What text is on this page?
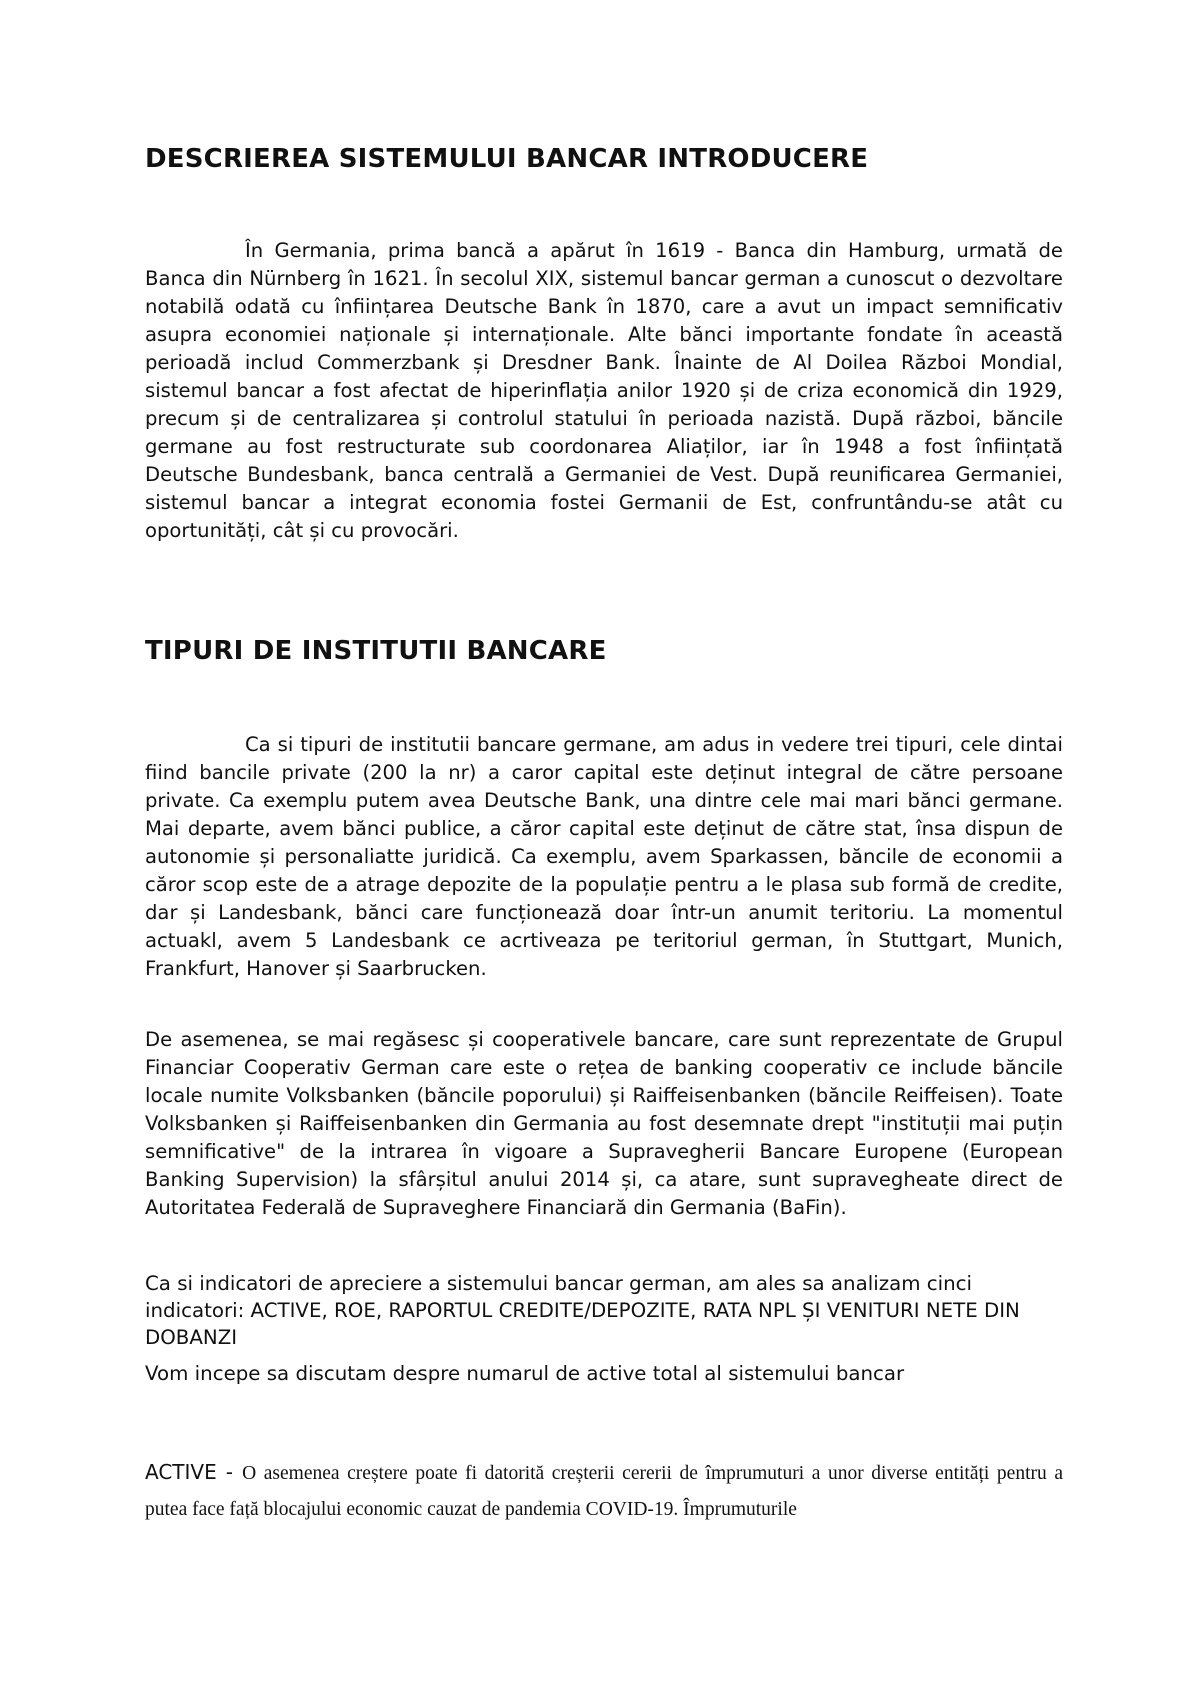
DESCRIEREA SISTEMULUI BANCAR INTRODUCERE

În Germania, prima bancă a apărut în 1619 - Banca din Hamburg, urmată de Banca din Nürnberg în 1621. În secolul XIX, sistemul bancar german a cunoscut o dezvoltare notabilă odată cu înființarea Deutsche Bank în 1870, care a avut un impact semnificativ asupra economiei naționale și internaționale. Alte bănci importante fondate în această perioadă includ Commerzbank și Dresdner Bank. Înainte de Al Doilea Război Mondial, sistemul bancar a fost afectat de hiperinflația anilor 1920 și de criza economică din 1929, precum și de centralizarea și controlul statului în perioada nazistă. După război, băncile germane au fost restructurate sub coordonarea Aliaților, iar în 1948 a fost înființată Deutsche Bundesbank, banca centrală a Germaniei de Vest. După reunificarea Germaniei, sistemul bancar a integrat economia fostei Germanii de Est, confruntându-se atât cu oportunități, cât și cu provocări.

TIPURI DE INSTITUTII BANCARE

Ca si tipuri de institutii bancare germane, am adus in vedere trei tipuri, cele dintai fiind bancile private (200 la nr) a caror capital este deținut integral de către persoane private. Ca exemplu putem avea Deutsche Bank, una dintre cele mai mari bănci germane. Mai departe, avem bănci publice, a căror capital este deținut de către stat, însa dispun de autonomie și personaliatte juridică. Ca exemplu, avem Sparkassen, băncile de economii a căror scop este de a atrage depozite de la populație pentru a le plasa sub formă de credite, dar și Landesbank, bănci care funcționează doar într-un anumit teritoriu. La momentul actuakl, avem 5 Landesbank ce acrtiveaza pe teritoriul german, în Stuttgart, Munich, Frankfurt, Hanover și Saarbrucken.

De asemenea, se mai regăsesc și cooperativele bancare, care sunt reprezentate de Grupul Financiar Cooperativ German care este o rețea de banking cooperativ ce include băncile locale numite Volksbanken (băncile poporului) și Raiffeisenbanken (băncile Reiffeisen). Toate Volksbanken și Raiffeisenbanken din Germania au fost desemnate drept "instituții mai puțin semnificative" de la intrarea în vigoare a Supravegherii Bancare Europene (European Banking Supervision) la sfârșitul anului 2014 și, ca atare, sunt supravegheate direct de Autoritatea Federală de Supraveghere Financiară din Germania (BaFin).

Ca si indicatori de apreciere a sistemului bancar german, am ales sa analizam cinci indicatori: ACTIVE, ROE, RAPORTUL CREDITE/DEPOZITE, RATA NPL ȘI VENITURI NETE DIN DOBANZI

Vom incepe sa discutam despre numarul de active total al sistemului bancar

ACTIVE - O asemenea creștere poate fi datorită creșterii cererii de împrumuturi a unor diverse entități pentru a putea face față blocajului economic cauzat de pandemia COVID-19. Împrumuturile
